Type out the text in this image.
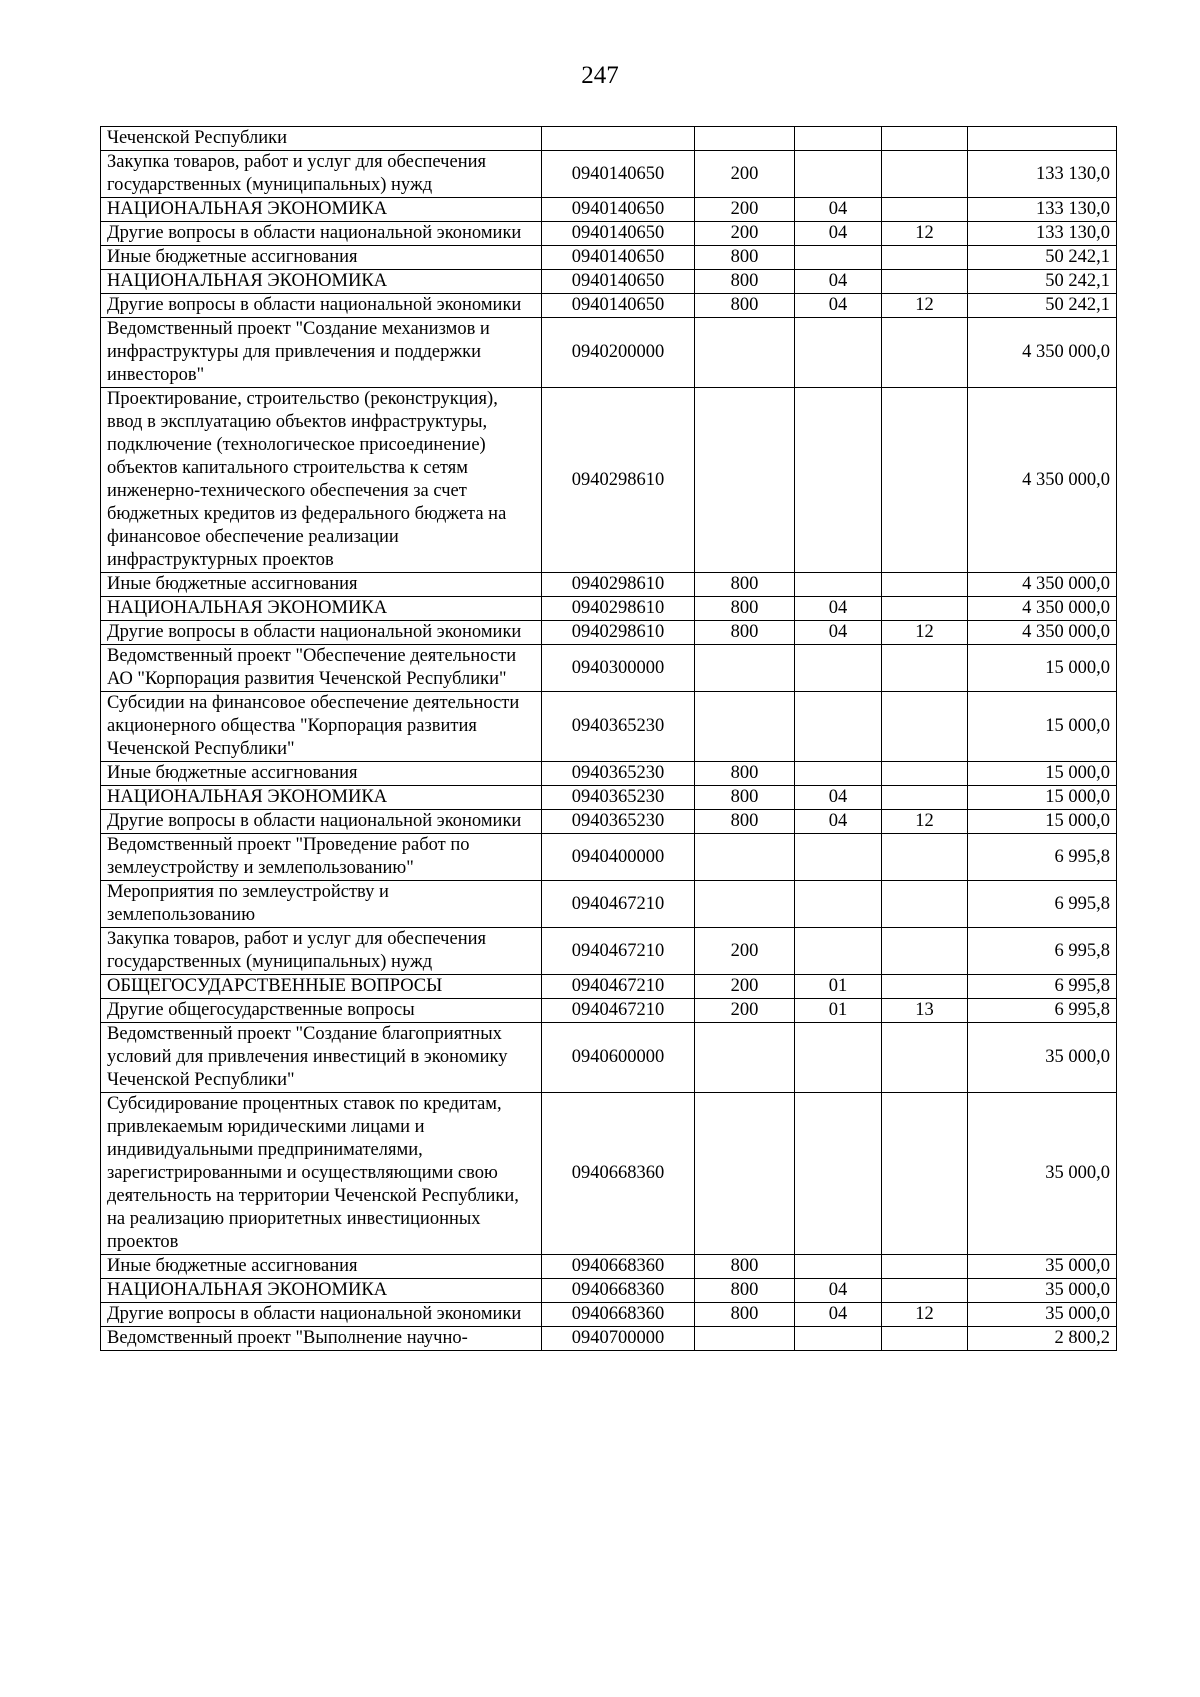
247
Чеченской Республики					
Закупка товаров, работ и услуг для обеспечения государственных (муниципальных) нужд	0940140650	200			133 130,0
НАЦИОНАЛЬНАЯ ЭКОНОМИКА	0940140650	200	04		133 130,0
Другие вопросы в области национальной экономики	0940140650	200	04	12	133 130,0
Иные бюджетные ассигнования	0940140650	800			50 242,1
НАЦИОНАЛЬНАЯ ЭКОНОМИКА	0940140650	800	04		50 242,1
Другие вопросы в области национальной экономики	0940140650	800	04	12	50 242,1
Ведомственный проект "Создание механизмов и инфраструктуры для привлечения и поддержки инвесторов"	0940200000				4 350 000,0
Проектирование, строительство (реконструкция), ввод в эксплуатацию объектов инфраструктуры, подключение (технологическое присоединение) объектов капитального строительства к сетям инженерно-технического обеспечения за счет бюджетных кредитов из федерального бюджета на финансовое обеспечение реализации инфраструктурных проектов	0940298610				4 350 000,0
Иные бюджетные ассигнования	0940298610	800			4 350 000,0
НАЦИОНАЛЬНАЯ ЭКОНОМИКА	0940298610	800	04		4 350 000,0
Другие вопросы в области национальной экономики	0940298610	800	04	12	4 350 000,0
Ведомственный проект "Обеспечение деятельности АО "Корпорация развития Чеченской Республики"	0940300000				15 000,0
Субсидии на финансовое обеспечение деятельности акционерного общества "Корпорация развития Чеченской Республики"	0940365230				15 000,0
Иные бюджетные ассигнования	0940365230	800			15 000,0
НАЦИОНАЛЬНАЯ ЭКОНОМИКА	0940365230	800	04		15 000,0
Другие вопросы в области национальной экономики	0940365230	800	04	12	15 000,0
Ведомственный проект "Проведение работ по землеустройству и землепользованию"	0940400000				6 995,8
Мероприятия по землеустройству и землепользованию	0940467210				6 995,8
Закупка товаров, работ и услуг для обеспечения государственных (муниципальных) нужд	0940467210	200			6 995,8
ОБЩЕГОСУДАРСТВЕННЫЕ ВОПРОСЫ	0940467210	200	01		6 995,8
Другие общегосударственные вопросы	0940467210	200	01	13	6 995,8
Ведомственный проект "Создание благоприятных условий для привлечения инвестиций в экономику Чеченской Республики"	0940600000				35 000,0
Субсидирование процентных ставок по кредитам, привлекаемым юридическими лицами и индивидуальными предпринимателями, зарегистрированными и осуществляющими свою деятельность на территории Чеченской Республики, на реализацию приоритетных инвестиционных проектов	0940668360				35 000,0
Иные бюджетные ассигнования	0940668360	800			35 000,0
НАЦИОНАЛЬНАЯ ЭКОНОМИКА	0940668360	800	04		35 000,0
Другие вопросы в области национальной экономики	0940668360	800	04	12	35 000,0
Ведомственный проект "Выполнение научно-	0940700000				2 800,2
